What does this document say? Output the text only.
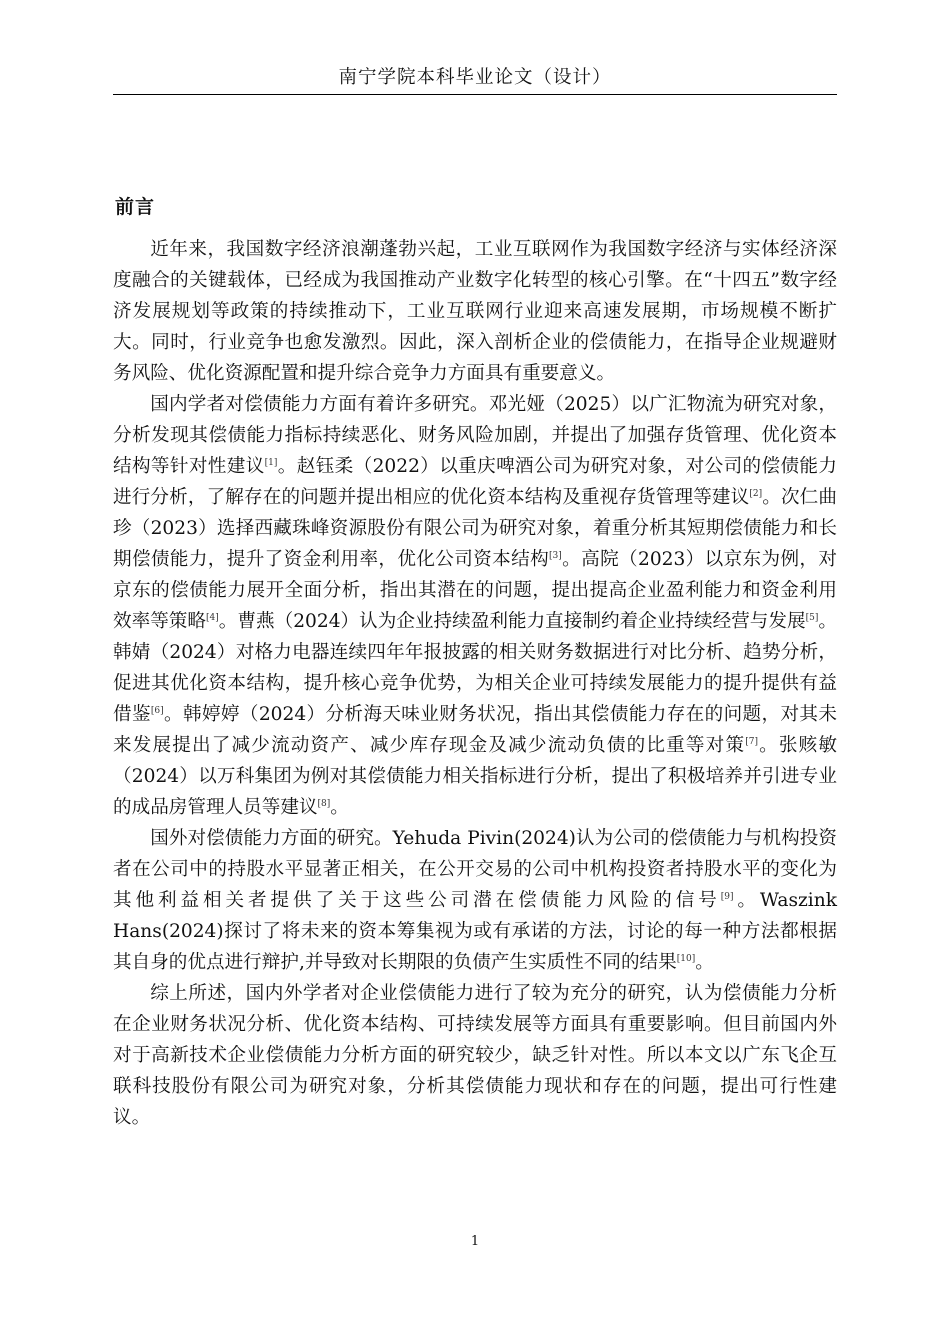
南宁学院本科毕业论文（设计）
前言

近年来，我国数字经济浪潮蓬勃兴起，工业互联网作为我国数字经济与实体经济深度融合的关键载体，已经成为我国推动产业数字化转型的核心引擎。在“十四五”数字经济发展规划等政策的持续推动下，工业互联网行业迎来高速发展期，市场规模不断扩大。同时，行业竞争也愈发激烈。因此，深入剖析企业的偿债能力，在指导企业规避财务风险、优化资源配置和提升综合竞争力方面具有重要意义。

国内学者对偿债能力方面有着许多研究。邓光娅（2025）以广汇物流为研究对象，分析发现其偿债能力指标持续恶化、财务风险加剧，并提出了加强存货管理、优化资本结构等针对性建议[1]。赵钰柔（2022）以重庆啤酒公司为研究对象，对公司的偿债能力进行分析，了解存在的问题并提出相应的优化资本结构及重视存货管理等建议[2]。次仁曲珍（2023）选择西藏珠峰资源股份有限公司为研究对象，着重分析其短期偿债能力和长期偿债能力，提升了资金利用率，优化公司资本结构[3]。高院（2023）以京东为例，对京东的偿债能力展开全面分析，指出其潜在的问题，提出提高企业盈利能力和资金利用效率等策略[4]。曹燕（2024）认为企业持续盈利能力直接制约着企业持续经营与发展[5]。韩婧（2024）对格力电器连续四年年报披露的相关财务数据进行对比分析、趋势分析，促进其优化资本结构，提升核心竞争优势，为相关企业可持续发展能力的提升提供有益借鉴[6]。韩婷婷（2024）分析海天味业财务状况，指出其偿债能力存在的问题，对其未来发展提出了减少流动资产、减少库存现金及减少流动负债的比重等对策[7]。张赅敏（2024）以万科集团为例对其偿债能力相关指标进行分析，提出了积极培养并引进专业的成品房管理人员等建议[8]。

国外对偿债能力方面的研究。Yehuda Pivin(2024)认为公司的偿债能力与机构投资者在公司中的持股水平显著正相关，在公开交易的公司中机构投资者持股水平的变化为其他利益相关者提供了关于这些公司潜在偿债能力风险的信号[9]。Waszink Hans(2024)探讨了将未来的资本筹集视为或有承诺的方法，讨论的每一种方法都根据其自身的优点进行辩护,并导致对长期限的负债产生实质性不同的结果[10]。

综上所述，国内外学者对企业偿债能力进行了较为充分的研究，认为偿债能力分析在企业财务状况分析、优化资本结构、可持续发展等方面具有重要影响。但目前国内外对于高新技术企业偿债能力分析方面的研究较少，缺乏针对性。所以本文以广东飞企互联科技股份有限公司为研究对象，分析其偿债能力现状和存在的问题，提出可行性建议。

1
